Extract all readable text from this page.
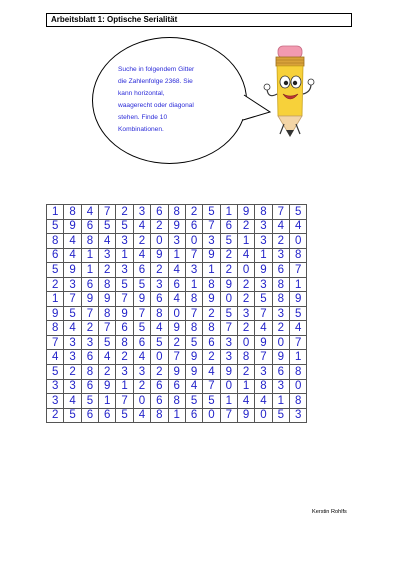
Arbeitsblatt 1: Optische Serialität
Suche in folgendem Gitter
die Zahlenfolge 2368. Sie
kann horizontal,
waagerecht oder diagonal
stehen. Finde 10
Kombinationen.
1	8	4	7	2	3	6	8	2	5	1	9	8	7	5
5	9	6	5	5	4	2	9	6	7	6	2	3	4	4
8	4	8	4	3	2	0	3	0	3	5	1	3	2	0
6	4	1	3	1	4	9	1	7	9	2	4	1	3	8
5	9	1	2	3	6	2	4	3	1	2	0	9	6	7
2	3	6	8	5	5	3	6	1	8	9	2	3	8	1
1	7	9	9	7	9	6	4	8	9	0	2	5	8	9
9	5	7	8	9	7	8	0	7	2	5	3	7	3	5
8	4	2	7	6	5	4	9	8	8	7	2	4	2	4
7	3	3	5	8	6	5	2	5	6	3	0	9	0	7
4	3	6	4	2	4	0	7	9	2	3	8	7	9	1
5	2	8	2	3	3	2	9	9	4	9	2	3	6	8
3	3	6	9	1	2	6	6	4	7	0	1	8	3	0
3	4	5	1	7	0	6	8	5	5	1	4	4	1	8
2	5	6	6	5	4	8	1	6	0	7	9	0	5	3
Kerstin Rohlfs
